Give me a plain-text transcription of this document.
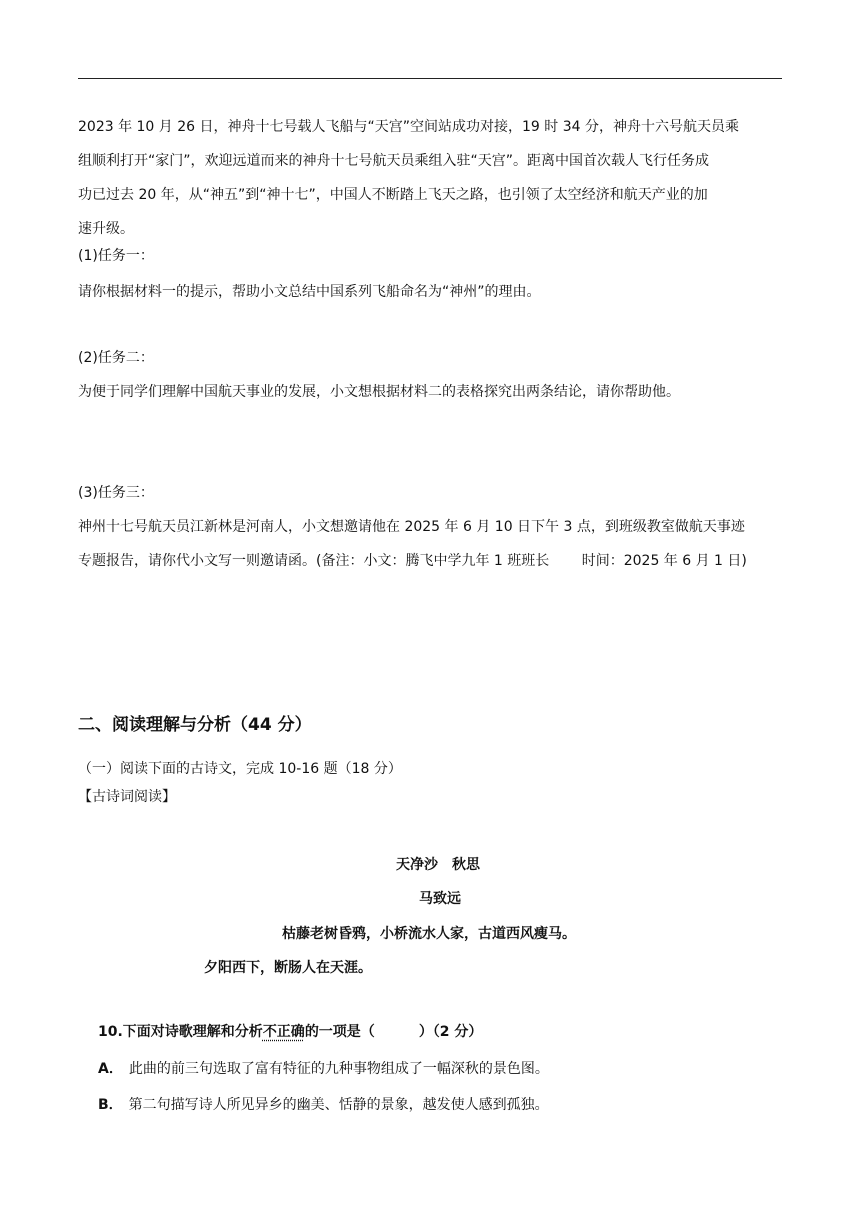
2023 年 10 月 26 日，神舟十七号载人飞船与“天宫”空间站成功对接，19 时 34 分，神舟十六号航天员乘
组顺利打开“家门”，欢迎远道而来的神舟十七号航天员乘组入驻“天宫”。距离中国首次载人飞行任务成
功已过去 20 年，从“神五”到“神十七”，中国人不断踏上飞天之路，也引领了太空经济和航天产业的加
速升级。
(1)任务一：
请你根据材料一的提示，帮助小文总结中国系列飞船命名为“神州”的理由。
(2)任务二：
为便于同学们理解中国航天事业的发展，小文想根据材料二的表格探究出两条结论，请你帮助他。
(3)任务三：
神州十七号航天员江新林是河南人，小文想邀请他在 2025 年 6 月 10 日下午 3 点，到班级教室做航天事迹
专题报告，请你代小文写一则邀请函。(备注：小文：腾飞中学九年 1 班班长　　 时间：2025 年 6 月 1 日)
二、阅读理解与分析（44 分）
（一）阅读下面的古诗文，完成 10-16 题（18 分）
【古诗词阅读】
天净沙　秋思
马致远
枯藤老树昏鸦，小桥流水人家，古道西风瘦马。
夕阳西下，断肠人在天涯。
10.下面对诗歌理解和分析不正确的一项是（	）（2 分）
A． 此曲的前三句选取了富有特征的九种事物组成了一幅深秋的景色图。
B． 第二句描写诗人所见异乡的幽美、恬静的景象，越发使人感到孤独。
